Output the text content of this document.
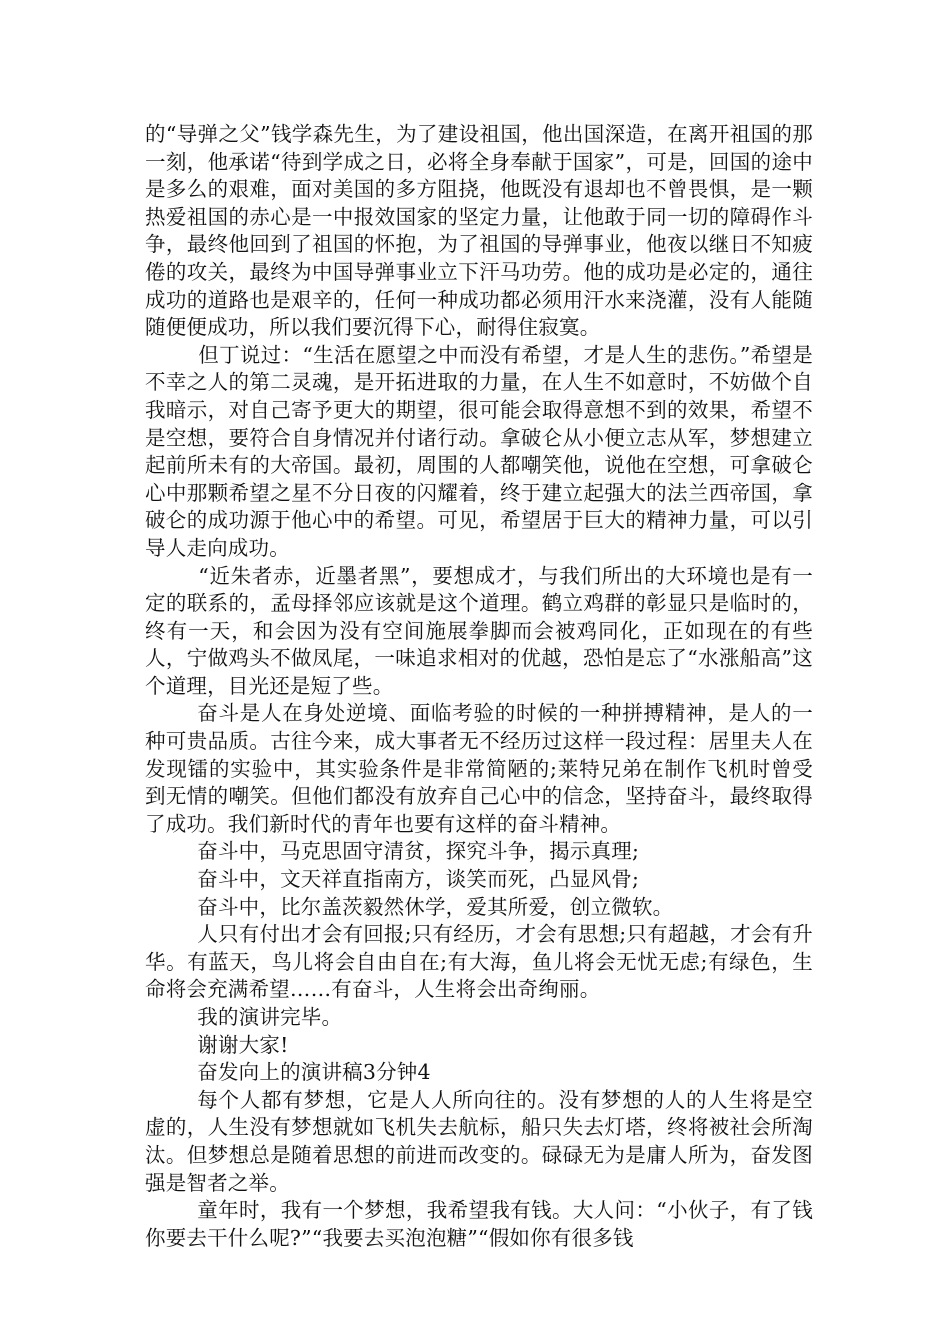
的“导弹之父”钱学森先生，为了建设祖国，他出国深造，在离开祖国的那一刻，他承诺“待到学成之日，必将全身奉献于国家”，可是，回国的途中是多么的艰难，面对美国的多方阻挠，他既没有退却也不曾畏惧，是一颗热爱祖国的赤心是一中报效国家的坚定力量，让他敢于同一切的障碍作斗争，最终他回到了祖国的怀抱，为了祖国的导弹事业，他夜以继日不知疲倦的攻关，最终为中国导弹事业立下汗马功劳。他的成功是必定的，通往成功的道路也是艰辛的，任何一种成功都必须用汗水来浇灌，没有人能随随便便成功，所以我们要沉得下心，耐得住寂寞。

但丁说过：“生活在愿望之中而没有希望，才是人生的悲伤。”希望是不幸之人的第二灵魂，是开拓进取的力量，在人生不如意时，不妨做个自我暗示，对自己寄予更大的期望，很可能会取得意想不到的效果，希望不是空想，要符合自身情况并付诸行动。拿破仑从小便立志从军，梦想建立起前所未有的大帝国。最初，周围的人都嘲笑他，说他在空想，可拿破仑心中那颗希望之星不分日夜的闪耀着，终于建立起强大的法兰西帝国，拿破仑的成功源于他心中的希望。可见，希望居于巨大的精神力量，可以引导人走向成功。

“近朱者赤，近墨者黑”，要想成才，与我们所出的大环境也是有一定的联系的，孟母择邻应该就是这个道理。鹤立鸡群的彰显只是临时的，终有一天，和会因为没有空间施展拳脚而会被鸡同化，正如现在的有些人，宁做鸡头不做凤尾，一味追求相对的优越，恐怕是忘了“水涨船高”这个道理，目光还是短了些。

奋斗是人在身处逆境、面临考验的时候的一种拼搏精神，是人的一种可贵品质。古往今来，成大事者无不经历过这样一段过程：居里夫人在发现镭的实验中，其实验条件是非常简陋的;莱特兄弟在制作飞机时曾受到无情的嘲笑。但他们都没有放弃自己心中的信念，坚持奋斗，最终取得了成功。我们新时代的青年也要有这样的奋斗精神。

奋斗中，马克思固守清贫，探究斗争，揭示真理;

奋斗中，文天祥直指南方，谈笑而死，凸显风骨;

奋斗中，比尔盖茨毅然休学，爱其所爱，创立微软。

人只有付出才会有回报;只有经历，才会有思想;只有超越，才会有升华。有蓝天，鸟儿将会自由自在;有大海，鱼儿将会无忧无虑;有绿色，生命将会充满希望……有奋斗，人生将会出奇绚丽。

我的演讲完毕。

谢谢大家!

奋发向上的演讲稿3分钟4

每个人都有梦想，它是人人所向往的。没有梦想的人的人生将是空虚的，人生没有梦想就如飞机失去航标，船只失去灯塔，终将被社会所淘汰。但梦想总是随着思想的前进而改变的。碌碌无为是庸人所为，奋发图强是智者之举。

童年时，我有一个梦想，我希望我有钱。大人问：“小伙子，有了钱你要去干什么呢?”“我要去买泡泡糖”“假如你有很多钱
